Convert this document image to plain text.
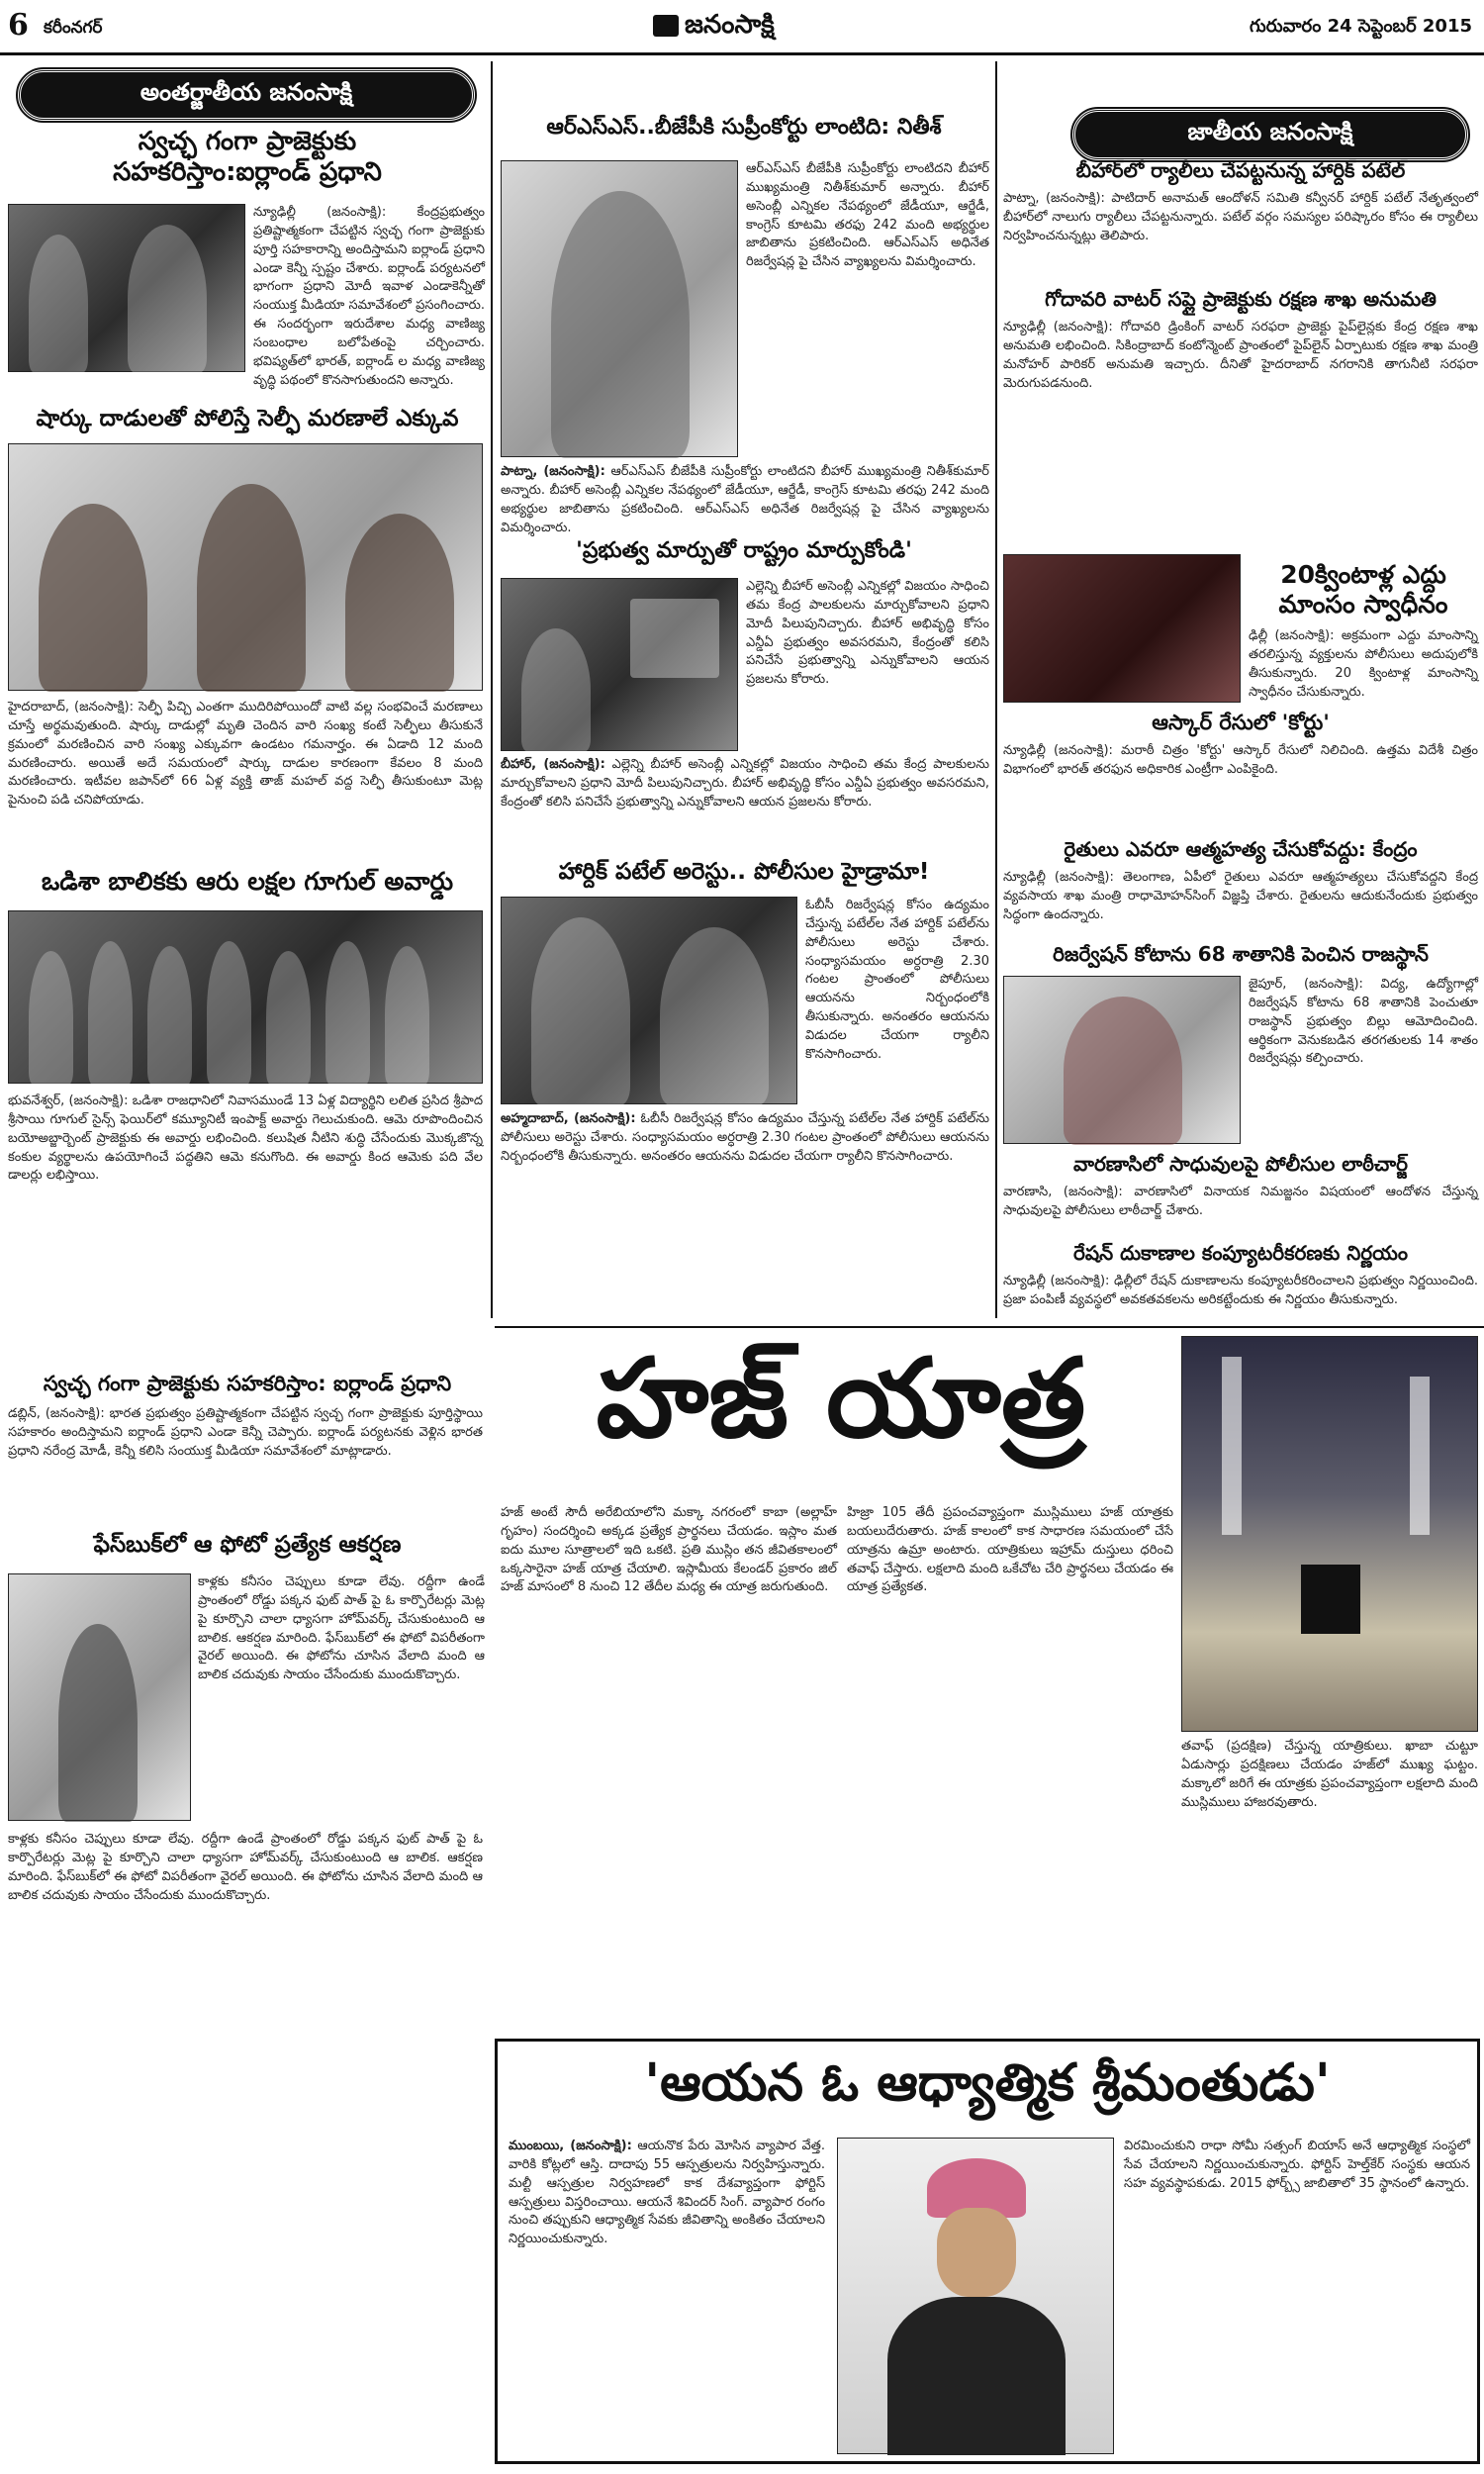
6 కరీంనగర్	జనంసాక్షి	గురువారం 24 సెప్టెంబర్ 2015
అంతర్జాతీయ జనంసాక్షి
స్వచ్ఛ గంగా ప్రాజెక్టుకు
సహకరిస్తాం:ఐర్లాండ్‌ ప్రధాని
న్యూఢిల్లీ (జనంసాక్షి): కేంద్రప్రభుత్వం ప్రతిష్టాత్మకంగా చేపట్టిన స్వచ్ఛ గంగా ప్రాజెక్టుకు పూర్తి సహకారాన్ని అందిస్తామని ఐర్లాండ్‌ ప్రధాని ఎండా కెన్నీ స్పష్టం చేశారు. ఐర్లాండ్‌ పర్యటనలో భాగంగా ప్రధాని మోదీ ఇవాళ ఎండాకెన్నీతో సంయుక్త మీడియా సమావేశంలో ప్రసంగించారు. ఈ సందర్భంగా ఇరుదేశాల మధ్య వాణిజ్య సంబంధాల బలోపేతంపై చర్చించారు. భవిష్యత్‌లో భారత్‌, ఐర్లాండ్‌ ల మధ్య వాణిజ్య వృద్ధి పథంలో కొనసాగుతుందని అన్నారు.
షార్కు దాడులతో పోలిస్తే సెల్ఫీ మరణాలే ఎక్కువ
హైదరాబాద్‌, (జనంసాక్షి): సెల్ఫీ పిచ్చి ఎంతగా ముదిరిపోయిందో వాటి వల్ల సంభవించే మరణాలు చూస్తే అర్థమవుతుంది. షార్కు దాడుల్లో మృతి చెందిన వారి సంఖ్య కంటే సెల్ఫీలు తీసుకునే క్రమంలో మరణించిన వారి సంఖ్య ఎక్కువగా ఉండటం గమనార్హం. ఈ ఏడాది 12 మంది మరణించారు. అయితే అదే సమయంలో షార్కు దాడుల కారణంగా కేవలం 8 మంది మరణించారు. ఇటీవల జపాన్‌లో 66 ఏళ్ల వ్యక్తి తాజ్‌ మహల్‌ వద్ద సెల్ఫీ తీసుకుంటూ మెట్ల పైనుంచి పడి చనిపోయాడు.
ఒడిశా బాలికకు ఆరు లక్షల గూగుల్‌ అవార్డు
భువనేశ్వర్‌, (జనంసాక్షి): ఒడిశా రాజధానిలో నివాసముండే 13 ఏళ్ల విద్యార్థిని లలిత ప్రసిద శ్రీపాద శ్రీసాయి గూగుల్‌ సైన్స్‌ ఫెయిర్‌లో కమ్యూనిటీ ఇంపాక్ట్‌ అవార్డు గెలుచుకుంది. ఆమె రూపొందించిన బయోఅబ్జార్బెంట్‌ ప్రాజెక్టుకు ఈ అవార్డు లభించింది. కలుషిత నీటిని శుద్ధి చేసేందుకు మొక్కజొన్న కంకుల వ్యర్థాలను ఉపయోగించే పద్ధతిని ఆమె కనుగొంది. ఈ అవార్డు కింద ఆమెకు పది వేల డాలర్లు లభిస్తాయి.
స్వచ్ఛ గంగా ప్రాజెక్టుకు సహకరిస్తాం: ఐర్లాండ్‌ ప్రధాని
డబ్లిన్‌, (జనంసాక్షి): భారత ప్రభుత్వం ప్రతిష్టాత్మకంగా చేపట్టిన స్వచ్ఛ గంగా ప్రాజెక్టుకు పూర్తిస్థాయి సహకారం అందిస్తామని ఐర్లాండ్‌ ప్రధాని ఎండా కెన్నీ చెప్పారు. ఐర్లాండ్‌ పర్యటనకు వెళ్లిన భారత ప్రధాని నరేంద్ర మోడీ, కెన్నీ కలిసి సంయుక్త మీడియా సమావేశంలో మాట్లాడారు.
ఫేస్‌బుక్‌లో ఆ ఫోటో ప్రత్యేక ఆకర్షణ
కాళ్లకు కనీసం చెప్పులు కూడా లేవు. రద్దీగా ఉండే ప్రాంతంలో రోడ్డు పక్కన ఫుట్‌ పాత్‌ పై ఓ కార్పొరేటర్లు మెట్ల పై కూర్చొని చాలా ధ్యాసగా హోమ్‌వర్క్‌ చేసుకుంటుంది ఆ బాలిక. ఆకర్షణ మారింది. ఫేస్‌బుక్‌లో ఈ ఫోటో విపరీతంగా వైరల్‌ అయింది. ఈ ఫోటోను చూసిన వేలాది మంది ఆ బాలిక చదువుకు సాయం చేసేందుకు ముందుకొచ్చారు.
కాళ్లకు కనీసం చెప్పులు కూడా లేవు. రద్దీగా ఉండే ప్రాంతంలో రోడ్డు పక్కన ఫుట్‌ పాత్‌ పై ఓ కార్పొరేటర్లు మెట్ల పై కూర్చొని చాలా ధ్యాసగా హోమ్‌వర్క్‌ చేసుకుంటుంది ఆ బాలిక. ఆకర్షణ మారింది. ఫేస్‌బుక్‌లో ఈ ఫోటో విపరీతంగా వైరల్‌ అయింది. ఈ ఫోటోను చూసిన వేలాది మంది ఆ బాలిక చదువుకు సాయం చేసేందుకు ముందుకొచ్చారు.
ఆర్‌ఎస్‌ఎస్‌..బీజేపీకి సుప్రీంకోర్టు లాంటిది: నితీశ్‌
ఆర్‌ఎస్‌ఎస్‌ బీజేపీకి సుప్రీంకోర్టు లాంటిదని బీహార్‌ ముఖ్యమంత్రి నితీశ్‌కుమార్‌ అన్నారు. బీహార్‌ అసెంబ్లీ ఎన్నికల నేపథ్యంలో జేడీయూ, ఆర్జేడీ, కాంగ్రెస్‌ కూటమి తరఫు 242 మంది అభ్యర్థుల జాబితాను ప్రకటించింది. ఆర్‌ఎస్‌ఎస్‌ అధినేత రిజర్వేషన్ల పై చేసిన వ్యాఖ్యలను విమర్శించారు.
పాట్నా, (జనంసాక్షి): ఆర్‌ఎస్‌ఎస్‌ బీజేపీకి సుప్రీంకోర్టు లాంటిదని బీహార్‌ ముఖ్యమంత్రి నితీశ్‌కుమార్‌ అన్నారు. బీహార్‌ అసెంబ్లీ ఎన్నికల నేపథ్యంలో జేడీయూ, ఆర్జేడీ, కాంగ్రెస్‌ కూటమి తరఫు 242 మంది అభ్యర్థుల జాబితాను ప్రకటించింది. ఆర్‌ఎస్‌ఎస్‌ అధినేత రిజర్వేషన్ల పై చేసిన వ్యాఖ్యలను విమర్శించారు.
'ప్రభుత్వ మార్పుతో రాష్ట్రం మార్పుకోండి'
ఎల్లెన్ని బీహార్‌ అసెంబ్లీ ఎన్నికల్లో విజయం సాధించి తమ కేంద్ర పాలకులను మార్చుకోవాలని ప్రధాని మోదీ పిలుపునిచ్చారు. బీహార్‌ అభివృద్ధి కోసం ఎన్డీఏ ప్రభుత్వం అవసరమని, కేంద్రంతో కలిసి పనిచేసే ప్రభుత్వాన్ని ఎన్నుకోవాలని ఆయన ప్రజలను కోరారు.
బీహార్‌, (జనంసాక్షి): ఎల్లెన్ని బీహార్‌ అసెంబ్లీ ఎన్నికల్లో విజయం సాధించి తమ కేంద్ర పాలకులను మార్చుకోవాలని ప్రధాని మోదీ పిలుపునిచ్చారు. బీహార్‌ అభివృద్ధి కోసం ఎన్డీఏ ప్రభుత్వం అవసరమని, కేంద్రంతో కలిసి పనిచేసే ప్రభుత్వాన్ని ఎన్నుకోవాలని ఆయన ప్రజలను కోరారు.
హార్దిక్‌ పటేల్‌ అరెస్టు.. పోలీసుల హైడ్రామా!
ఓబీసీ రిజర్వేషన్ల కోసం ఉద్యమం చేస్తున్న పటేల్‌ల నేత హార్దిక్‌ పటేల్‌ను పోలీసులు అరెస్టు చేశారు. సంధ్యాసమయం అర్ధరాత్రి 2.30 గంటల ప్రాంతంలో పోలీసులు ఆయనను నిర్బంధంలోకి తీసుకున్నారు. అనంతరం ఆయనను విడుదల చేయగా ర్యాలీని కొనసాగించారు.
అహ్మదాబాద్‌, (జనంసాక్షి): ఓబీసీ రిజర్వేషన్ల కోసం ఉద్యమం చేస్తున్న పటేల్‌ల నేత హార్దిక్‌ పటేల్‌ను పోలీసులు అరెస్టు చేశారు. సంధ్యాసమయం అర్ధరాత్రి 2.30 గంటల ప్రాంతంలో పోలీసులు ఆయనను నిర్బంధంలోకి తీసుకున్నారు. అనంతరం ఆయనను విడుదల చేయగా ర్యాలీని కొనసాగించారు.
జాతీయ జనంసాక్షి
బీహార్‌లో ర్యాలీలు చేపట్టనున్న హార్దిక్‌ పటేల్‌
పాట్నా, (జనంసాక్షి): పాటిదార్‌ అనామత్‌ ఆందోళన్‌ సమితి కన్వీనర్‌ హార్దిక్‌ పటేల్‌ నేతృత్వంలో బీహార్‌లో నాలుగు ర్యాలీలు చేపట్టనున్నారు. పటేల్‌ వర్గం సమస్యల పరిష్కారం కోసం ఈ ర్యాలీలు నిర్వహించనున్నట్లు తెలిపారు.
గోదావరి వాటర్‌ సప్లై ప్రాజెక్టుకు రక్షణ శాఖ అనుమతి
న్యూఢిల్లీ (జనంసాక్షి): గోదావరి డ్రింకింగ్‌ వాటర్‌ సరఫరా ప్రాజెక్టు పైప్‌లైన్లకు కేంద్ర రక్షణ శాఖ అనుమతి లభించింది. సికింద్రాబాద్‌ కంటోన్మెంట్‌ ప్రాంతంలో పైప్‌లైన్‌ ఏర్పాటుకు రక్షణ శాఖ మంత్రి మనోహర్‌ పారికర్‌ అనుమతి ఇచ్చారు. దీనితో హైదరాబాద్‌ నగరానికి తాగునీటి సరఫరా మెరుగుపడనుంది.
20క్వింటాళ్ల ఎద్దు
మాంసం స్వాధీనం
ఢిల్లీ (జనంసాక్షి): అక్రమంగా ఎద్దు మాంసాన్ని తరలిస్తున్న వ్యక్తులను పోలీసులు అదుపులోకి తీసుకున్నారు. 20 క్వింటాళ్ల మాంసాన్ని స్వాధీనం చేసుకున్నారు.
ఆస్కార్‌ రేసులో 'కోర్టు'
న్యూఢిల్లీ (జనంసాక్షి): మరాఠీ చిత్రం 'కోర్టు' ఆస్కార్‌ రేసులో నిలిచింది. ఉత్తమ విదేశీ చిత్రం విభాగంలో భారత్‌ తరఫున అధికారిక ఎంట్రీగా ఎంపికైంది.
రైతులు ఎవరూ ఆత్మహత్య చేసుకోవద్దు: కేంద్రం
న్యూఢిల్లీ (జనంసాక్షి): తెలంగాణ, ఏపీలో రైతులు ఎవరూ ఆత్మహత్యలు చేసుకోవద్దని కేంద్ర వ్యవసాయ శాఖ మంత్రి రాధామోహన్‌సింగ్‌ విజ్ఞప్తి చేశారు. రైతులను ఆదుకునేందుకు ప్రభుత్వం సిద్ధంగా ఉందన్నారు.
రిజర్వేషన్‌ కోటాను 68 శాతానికి పెంచిన రాజస్థాన్‌
జైపూర్‌, (జనంసాక్షి): విద్య, ఉద్యోగాల్లో రిజర్వేషన్‌ కోటాను 68 శాతానికి పెంచుతూ రాజస్థాన్‌ ప్రభుత్వం బిల్లు ఆమోదించింది. ఆర్థికంగా వెనుకబడిన తరగతులకు 14 శాతం రిజర్వేషన్లు కల్పించారు.
వారణాసిలో సాధువులపై పోలీసుల లాఠీచార్జ్‌
వారణాసి, (జనంసాక్షి): వారణాసిలో వినాయక నిమజ్జనం విషయంలో ఆందోళన చేస్తున్న సాధువులపై పోలీసులు లాఠీచార్జ్‌ చేశారు.
రేషన్‌ దుకాణాల కంప్యూటరీకరణకు నిర్ణయం
న్యూఢిల్లీ (జనంసాక్షి): ఢిల్లీలో రేషన్‌ దుకాణాలను కంప్యూటరీకరించాలని ప్రభుత్వం నిర్ణయించింది. ప్రజా పంపిణీ వ్యవస్థలో అవకతవకలను అరికట్టేందుకు ఈ నిర్ణయం తీసుకున్నారు.
హజ్‌ యాత్ర
హజ్‌ అంటే సౌదీ అరేబియాలోని మక్కా నగరంలో కాబా (అల్లాహ్‌ గృహం) సందర్శించి అక్కడ ప్రత్యేక ప్రార్థనలు చేయడం. ఇస్లాం మత ఐదు మూల సూత్రాలలో ఇది ఒకటి. ప్రతి ముస్లిం తన జీవితకాలంలో ఒక్కసారైనా హజ్‌ యాత్ర చేయాలి. ఇస్లామీయ కేలండర్‌ ప్రకారం జిల్‌ హజ్‌ మాసంలో 8 నుంచి 12 తేదీల మధ్య ఈ యాత్ర జరుగుతుంది.
హిజ్రా 105 తేదీ ప్రపంచవ్యాప్తంగా ముస్లిములు హజ్‌ యాత్రకు బయలుదేరుతారు. హజ్‌ కాలంలో కాక సాధారణ సమయంలో చేసే యాత్రను ఉమ్రా అంటారు. యాత్రికులు ఇహ్రామ్‌ దుస్తులు ధరించి తవాఫ్‌ చేస్తారు. లక్షలాది మంది ఒకేచోట చేరి ప్రార్థనలు చేయడం ఈ యాత్ర ప్రత్యేకత.
తవాఫ్‌ (ప్రదక్షిణ) చేస్తున్న యాత్రికులు. ఖాబా చుట్టూ ఏడుసార్లు ప్రదక్షిణలు చేయడం హజ్‌లో ముఖ్య ఘట్టం. మక్కాలో జరిగే ఈ యాత్రకు ప్రపంచవ్యాప్తంగా లక్షలాది మంది ముస్లిములు హాజరవుతారు.
'ఆయన ఓ ఆధ్యాత్మిక శ్రీమంతుడు'
ముంబయి, (జనంసాక్షి): ఆయనొక పేరు మోసిన వ్యాపార వేత్త. వారికి కోట్లలో ఆస్తి. దాదాపు 55 ఆస్పత్రులను నిర్వహిస్తున్నారు. మల్టీ ఆస్పత్రుల నిర్వహణలో కాక దేశవ్యాప్తంగా ఫోర్టిస్‌ ఆస్పత్రులు విస్తరించాయి. ఆయనే శివిందర్‌ సింగ్‌. వ్యాపార రంగం నుంచి తప్పుకుని ఆధ్యాత్మిక సేవకు జీవితాన్ని అంకితం చేయాలని నిర్ణయించుకున్నారు.
విరమించుకుని రాధా సోమీ సత్సంగ్‌ బియాస్‌ అనే ఆధ్యాత్మిక సంస్థలో సేవ చేయాలని నిర్ణయించుకున్నారు. ఫోర్టిస్‌ హెల్త్‌కేర్‌ సంస్థకు ఆయన సహ వ్యవస్థాపకుడు. 2015 ఫోర్బ్స్‌ జాబితాలో 35 స్థానంలో ఉన్నారు.
